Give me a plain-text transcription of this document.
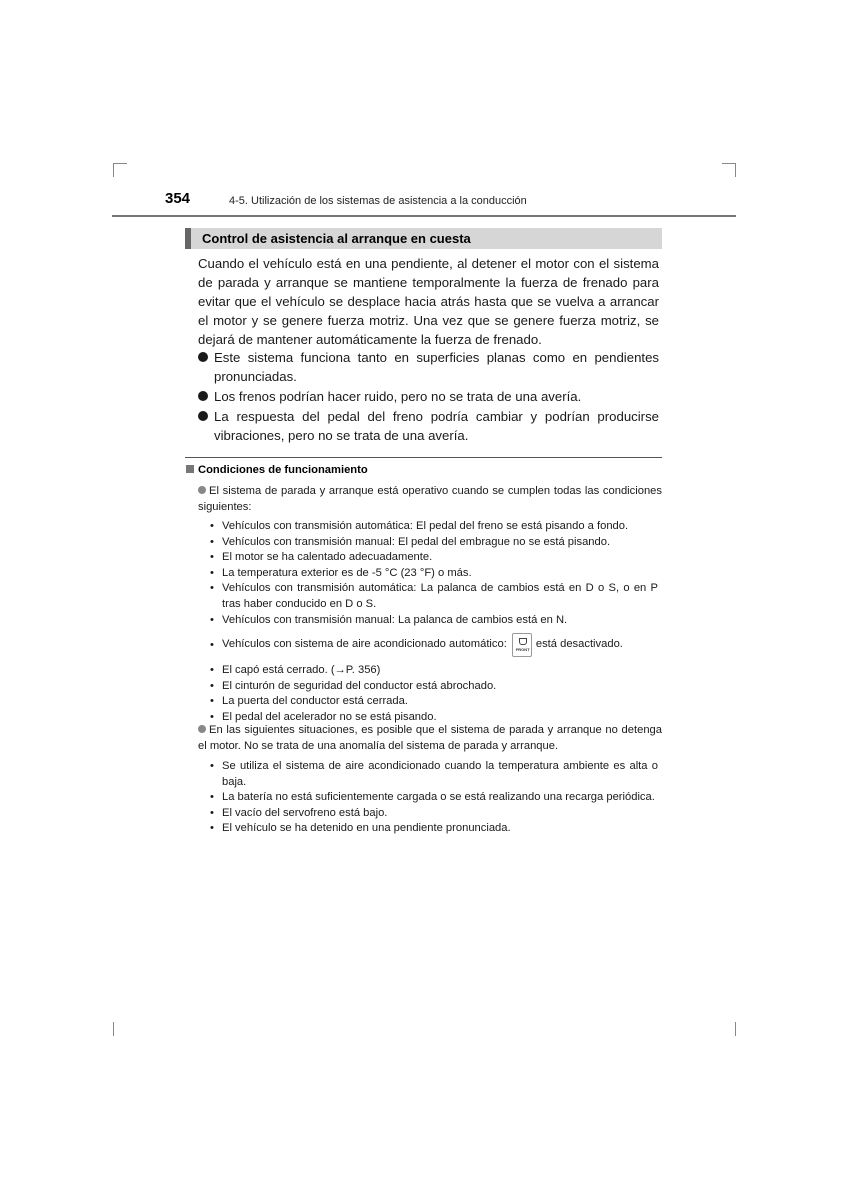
354	4-5. Utilización de los sistemas de asistencia a la conducción
Control de asistencia al arranque en cuesta
Cuando el vehículo está en una pendiente, al detener el motor con el sistema de parada y arranque se mantiene temporalmente la fuerza de frenado para evitar que el vehículo se desplace hacia atrás hasta que se vuelva a arrancar el motor y se genere fuerza motriz. Una vez que se genere fuerza motriz, se dejará de mantener automáticamente la fuerza de frenado.
Este sistema funciona tanto en superficies planas como en pendientes pronunciadas.
Los frenos podrían hacer ruido, pero no se trata de una avería.
La respuesta del pedal del freno podría cambiar y podrían producirse vibraciones, pero no se trata de una avería.
Condiciones de funcionamiento
El sistema de parada y arranque está operativo cuando se cumplen todas las condiciones siguientes:
• Vehículos con transmisión automática: El pedal del freno se está pisando a fondo.
• Vehículos con transmisión manual: El pedal del embrague no se está pisando.
• El motor se ha calentado adecuadamente.
• La temperatura exterior es de -5 °C (23 °F) o más.
• Vehículos con transmisión automática: La palanca de cambios está en D o S, o en P tras haber conducido en D o S.
• Vehículos con transmisión manual: La palanca de cambios está en N.
• Vehículos con sistema de aire acondicionado automático: FRONT está desactivado.
• El capó está cerrado. (→P. 356)
• El cinturón de seguridad del conductor está abrochado.
• La puerta del conductor está cerrada.
• El pedal del acelerador no se está pisando.
En las siguientes situaciones, es posible que el sistema de parada y arranque no detenga el motor. No se trata de una anomalía del sistema de parada y arranque.
• Se utiliza el sistema de aire acondicionado cuando la temperatura ambiente es alta o baja.
• La batería no está suficientemente cargada o se está realizando una recarga periódica.
• El vacío del servofreno está bajo.
• El vehículo se ha detenido en una pendiente pronunciada.
